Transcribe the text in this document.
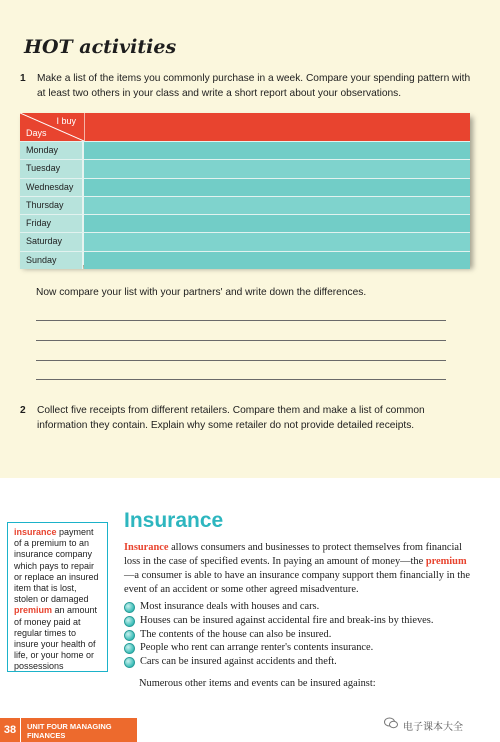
HOT activities
1	Make a list of the items you commonly purchase in a week. Compare your spending pattern with at least two others in your class and write a short report about your observations.
I buy
Days
Monday
Tuesday
Wednesday
Thursday
Friday
Saturday
Sunday
Now compare your list with your partners' and write down the differences.
2	Collect five receipts from different retailers. Compare them and make a list of common information they contain. Explain why some retailer do not provide detailed receipts.
insurance payment of a premium to an insurance company which pays to repair or replace an insured item that is lost, stolen or damaged
premium an amount of money paid at regular times to insure your health of life, or your home or possessions
Insurance
Insurance allows consumers and businesses to protect themselves from financial loss in the case of specified events. In paying an amount of money—the premium—a consumer is able to have an insurance company support them financially in the event of an accident or some other agreed misadventure.
Most insurance deals with houses and cars.
Houses can be insured against accidental fire and break-ins by thieves.
The contents of the house can also be insured.
People who rent can arrange renter's contents insurance.
Cars can be insured against accidents and theft.
Numerous other items and events can be insured against:
38	UNIT FOUR MANAGING FINANCES
电子课本大全
